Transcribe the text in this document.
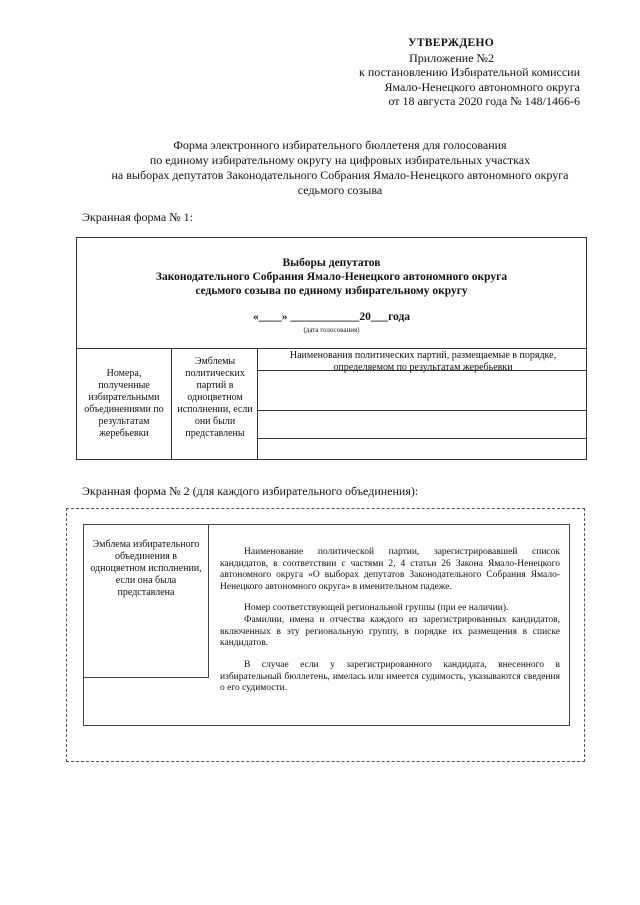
УТВЕРЖДЕНО
Приложение №2
к постановлению Избирательной комиссии
Ямало-Ненецкого автономного округа
от 18 августа 2020 года № 148/1466-6
Форма электронного избирательного бюллетеня для голосования
по единому избирательному округу на цифровых избирательных участках
на выборах депутатов Законодательного Собрания Ямало-Ненецкого автономного округа
седьмого созыва
Экранная форма № 1:
Выборы депутатов
Законодательного Собрания Ямало-Ненецкого автономного округа
седьмого созыва по единому избирательному округу
«____» ____________20___года
(дата голосования)
Номера, полученные избирательными объединениями по результатам жеребьевки
Эмблемы политических партий в одноцветном исполнении, если они были представлены
Наименования политических партий, размещаемые в порядке, определяемом по результатам жеребьевки
Экранная форма № 2 (для каждого избирательного объединения):
Эмблема избирательного объединения в одноцветном исполнении, если она была представлена
Наименование политической партии, зарегистрировавшей список кандидатов, в соответствии с частями 2, 4 статьи 26 Закона Ямало-Ненецкого автономного округа «О выборах депутатов Законодательного Собрания Ямало-Ненецкого автономного округа» в именительном падеже.
Номер соответствующей региональной группы (при ее наличии).
Фамилии, имена и отчества каждого из зарегистрированных кандидатов, включенных в эту региональную группу, в порядке их размещения в списке кандидатов.
В случае если у зарегистрированного кандидата, внесенного в избирательный бюллетень, имелась или имеется судимость, указываются сведения о его судимости.
